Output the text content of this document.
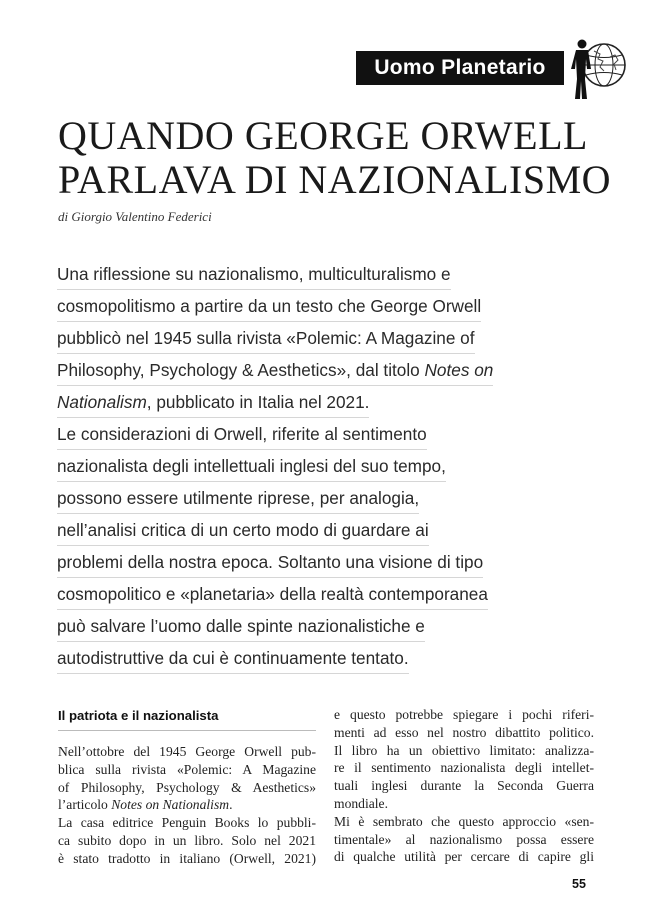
Uomo Planetario
QUANDO GEORGE ORWELL
PARLAVA DI NAZIONALISMO
di Giorgio Valentino Federici
Una riflessione su nazionalismo, multiculturalismo e
cosmopolitismo a partire da un testo che George Orwell
pubblicò nel 1945 sulla rivista «Polemic: A Magazine of
Philosophy, Psychology & Aesthetics», dal titolo Notes on
Nationalism, pubblicato in Italia nel 2021.
Le considerazioni di Orwell, riferite al sentimento
nazionalista degli intellettuali inglesi del suo tempo,
possono essere utilmente riprese, per analogia,
nell’analisi critica di un certo modo di guardare ai
problemi della nostra epoca. Soltanto una visione di tipo
cosmopolitico e «planetaria» della realtà contemporanea
può salvare l’uomo dalle spinte nazionalistiche e
autodistruttive da cui è continuamente tentato.
Il patriota e il nazionalista
Nell’ottobre del 1945 George Orwell pub-
blica sulla rivista «Polemic: A Magazine
of Philosophy, Psychology & Aesthetics»
l’articolo Notes on Nationalism.
La casa editrice Penguin Books lo pubbli-
ca subito dopo in un libro. Solo nel 2021
è stato tradotto in italiano (Orwell, 2021)
e questo potrebbe spiegare i pochi riferi-
menti ad esso nel nostro dibattito politico.
Il libro ha un obiettivo limitato: analizza-
re il sentimento nazionalista degli intellet-
tuali inglesi durante la Seconda Guerra
mondiale.
Mi è sembrato che questo approccio «sen-
timentale» al nazionalismo possa essere
di qualche utilità per cercare di capire gli
55
